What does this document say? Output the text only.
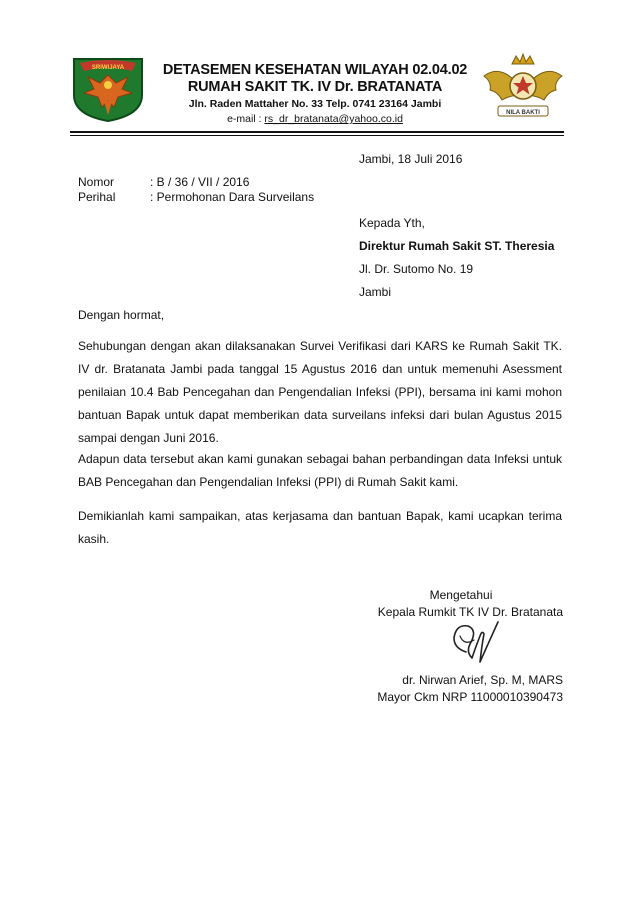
SRIWIJAYA
NILA BAKTI
DETASEMEN KESEHATAN WILAYAH 02.04.02
RUMAH SAKIT TK. IV Dr. BRATANATA
Jln. Raden Mattaher No. 33 Telp. 0741 23164 Jambi
e-mail : rs_dr_bratanata@yahoo.co.id
Jambi, 18 Juli 2016
Nomor	: B / 36 / VII / 2016
Perihal	: Permohonan Dara Surveilans
Kepada Yth,
Direktur Rumah Sakit ST. Theresia
Jl. Dr. Sutomo No. 19
Jambi
Dengan hormat,
Sehubungan dengan akan dilaksanakan Survei Verifikasi dari KARS ke Rumah Sakit TK. IV dr. Bratanata Jambi pada tanggal 15 Agustus 2016 dan untuk memenuhi Asessment penilaian 10.4 Bab Pencegahan dan Pengendalian Infeksi (PPI), bersama ini kami mohon bantuan Bapak untuk dapat memberikan data surveilans infeksi dari bulan Agustus 2015 sampai dengan Juni 2016.
Adapun data tersebut akan kami gunakan sebagai bahan perbandingan data Infeksi untuk BAB Pencegahan dan Pengendalian Infeksi (PPI) di Rumah Sakit kami.
Demikianlah kami sampaikan, atas kerjasama dan bantuan Bapak, kami ucapkan terima kasih.
Mengetahui
Kepala Rumkit TK IV Dr. Bratanata
dr. Nirwan Arief, Sp. M, MARS
Mayor Ckm NRP 11000010390473
